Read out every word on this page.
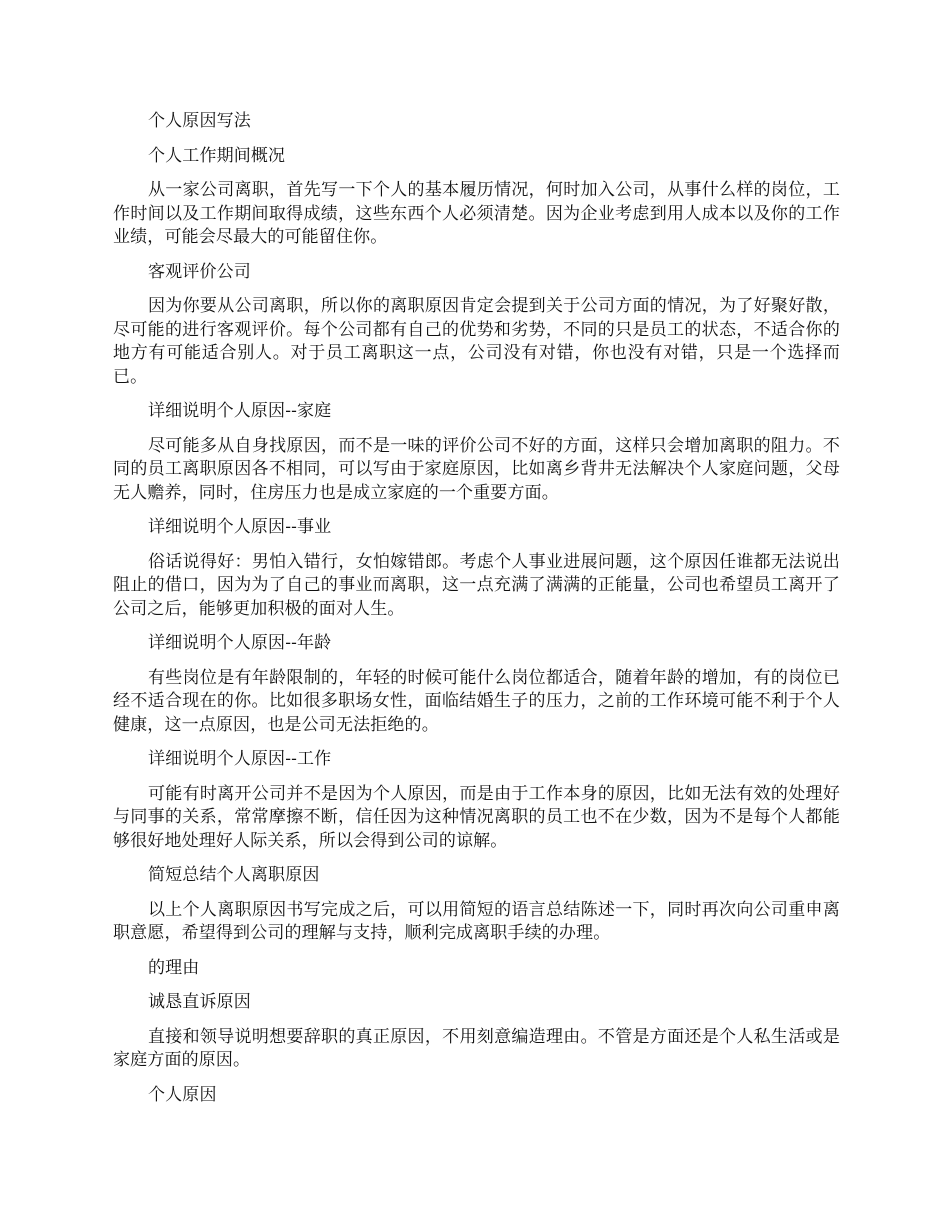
个人原因写法

个人工作期间概况

从一家公司离职，首先写一下个人的基本履历情况，何时加入公司，从事什么样的岗位，工作时间以及工作期间取得成绩，这些东西个人必须清楚。因为企业考虑到用人成本以及你的工作业绩，可能会尽最大的可能留住你。

客观评价公司

因为你要从公司离职，所以你的离职原因肯定会提到关于公司方面的情况，为了好聚好散，尽可能的进行客观评价。每个公司都有自己的优势和劣势，不同的只是员工的状态，不适合你的地方有可能适合别人。对于员工离职这一点，公司没有对错，你也没有对错，只是一个选择而已。

详细说明个人原因--家庭

尽可能多从自身找原因，而不是一味的评价公司不好的方面，这样只会增加离职的阻力。不同的员工离职原因各不相同，可以写由于家庭原因，比如离乡背井无法解决个人家庭问题，父母无人赡养，同时，住房压力也是成立家庭的一个重要方面。

详细说明个人原因--事业

俗话说得好：男怕入错行，女怕嫁错郎。考虑个人事业进展问题，这个原因任谁都无法说出阻止的借口，因为为了自己的事业而离职，这一点充满了满满的正能量，公司也希望员工离开了公司之后，能够更加积极的面对人生。

详细说明个人原因--年龄

有些岗位是有年龄限制的，年轻的时候可能什么岗位都适合，随着年龄的增加，有的岗位已经不适合现在的你。比如很多职场女性，面临结婚生子的压力，之前的工作环境可能不利于个人健康，这一点原因，也是公司无法拒绝的。

详细说明个人原因--工作

可能有时离开公司并不是因为个人原因，而是由于工作本身的原因，比如无法有效的处理好与同事的关系，常常摩擦不断，信任因为这种情况离职的员工也不在少数，因为不是每个人都能够很好地处理好人际关系，所以会得到公司的谅解。

简短总结个人离职原因

以上个人离职原因书写完成之后，可以用简短的语言总结陈述一下，同时再次向公司重申离职意愿，希望得到公司的理解与支持，顺利完成离职手续的办理。

的理由

诚恳直诉原因

直接和领导说明想要辞职的真正原因，不用刻意编造理由。不管是方面还是个人私生活或是家庭方面的原因。

个人原因
